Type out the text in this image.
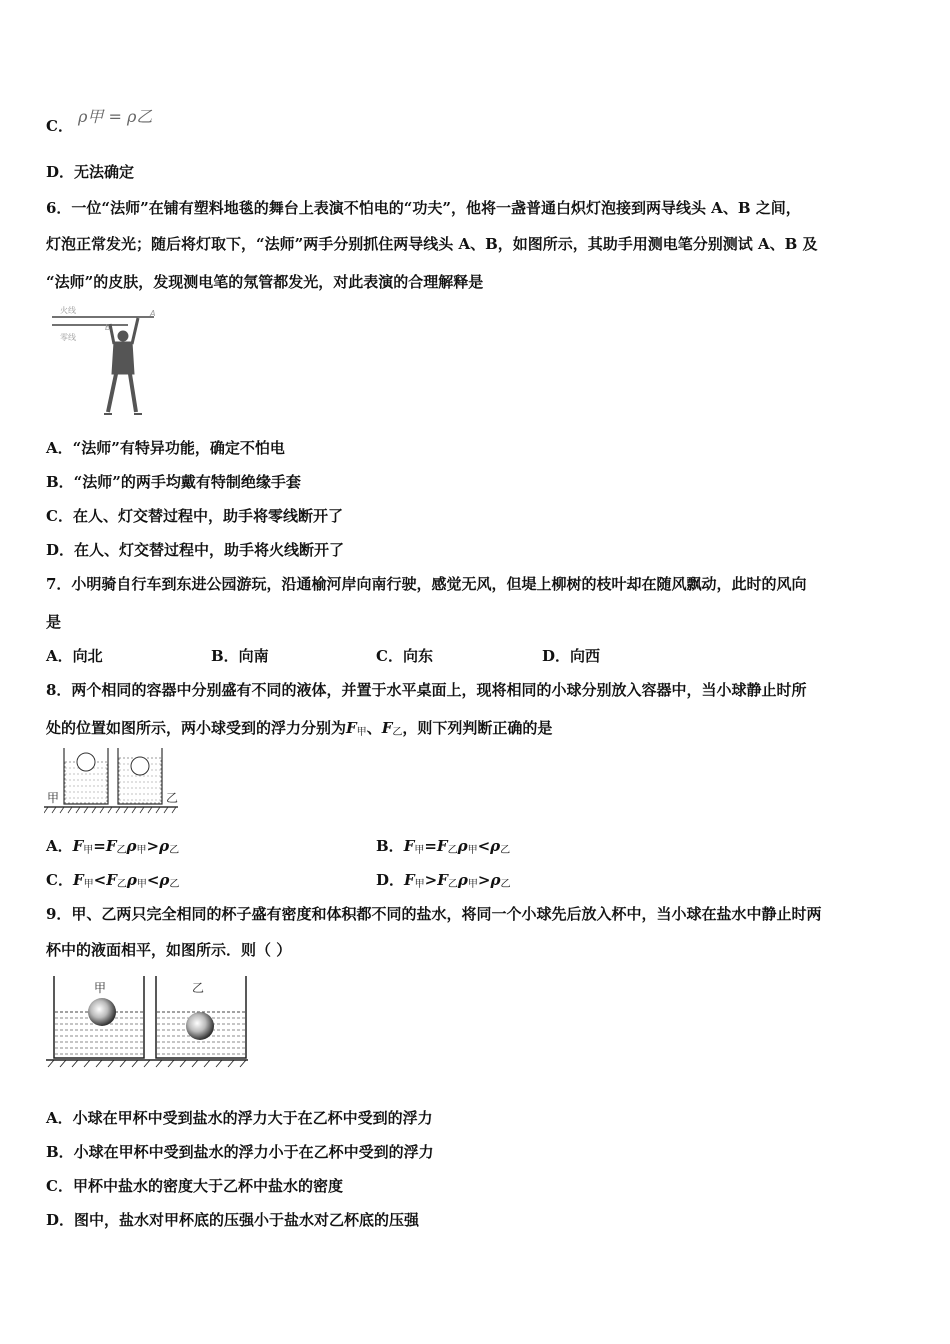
C． ρ甲 = ρ乙
D．无法确定
6．一位“法师”在铺有塑料地毯的舞台上表演不怕电的“功夫”，他将一盏普通白炽灯泡接到两导线头 A、B 之间，
灯泡正常发光；随后将灯取下，“法师”两手分别抓住两导线头 A、B，如图所示，其助手用测电笔分别测试 A、B 及
“法师”的皮肤，发现测电笔的氖管都发光，对此表演的合理解释是
火线
零线
A
B
A．“法师”有特异功能，确定不怕电
B．“法师”的两手均戴有特制绝缘手套
C．在人、灯交替过程中，助手将零线断开了
D．在人、灯交替过程中，助手将火线断开了
7．小明骑自行车到东进公园游玩，沿通榆河岸向南行驶，感觉无风，但堤上柳树的枝叶却在随风飘动，此时的风向
是
A．向北	B．向南	C．向东	D．向西
8．两个相同的容器中分别盛有不同的液体，并置于水平桌面上，现将相同的小球分别放入容器中，当小球静止时所
处的位置如图所示，两小球受到的浮力分别为$F_甲$、$F_乙$，则下列判断正确的是
甲	乙
A．$F_甲=F_乙\rho_甲>\rho_乙$	B．$F_甲=F_乙\rho_甲<\rho_乙$
C．$F_甲<F_乙\rho_甲<\rho_乙$	D．$F_甲>F_乙\rho_甲>\rho_乙$
9．甲、乙两只完全相同的杯子盛有密度和体积都不同的盐水，将同一个小球先后放入杯中，当小球在盐水中静止时两
杯中的液面相平，如图所示．则（ ）
甲	乙
A．小球在甲杯中受到盐水的浮力大于在乙杯中受到的浮力
B．小球在甲杯中受到盐水的浮力小于在乙杯中受到的浮力
C．甲杯中盐水的密度大于乙杯中盐水的密度
D．图中，盐水对甲杯底的压强小于盐水对乙杯底的压强
